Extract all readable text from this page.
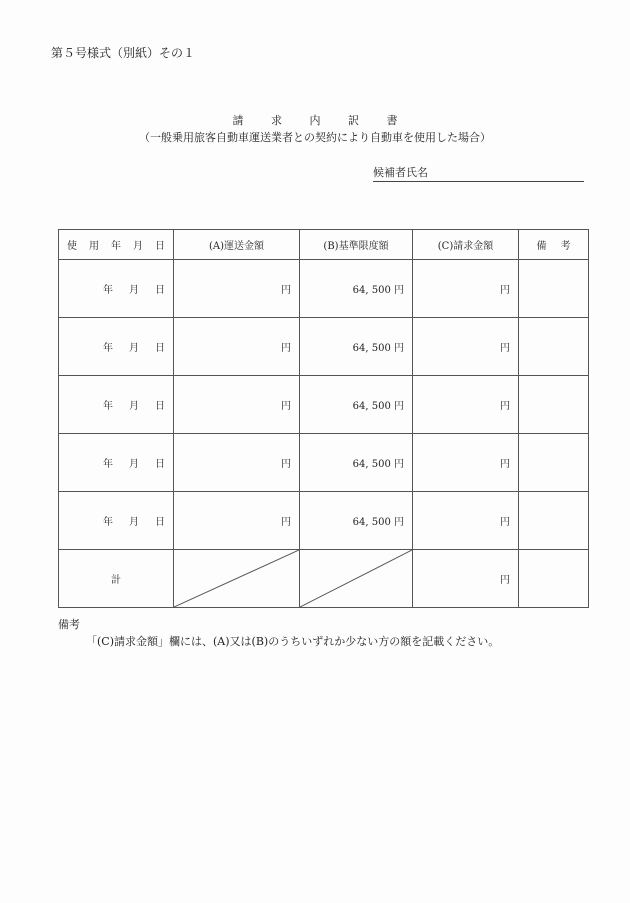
第５号様式（別紙）その１
請	求	内	訳	書
（一般乗用旅客自動車運送業者との契約により自動車を使用した場合）
候補者氏名
使 用 年 月 日	(A)運送金額	(B)基準限度額	(C)請求金額	備 考
年 月 日	円	64, 500 円	円	
年 月 日	円	64, 500 円	円	
年 月 日	円	64, 500 円	円	
年 月 日	円	64, 500 円	円	
年 月 日	円	64, 500 円	円	
計			円	
備考
「(C)請求金額」欄には、(A)又は(B)のうちいずれか少ない方の額を記載ください。
